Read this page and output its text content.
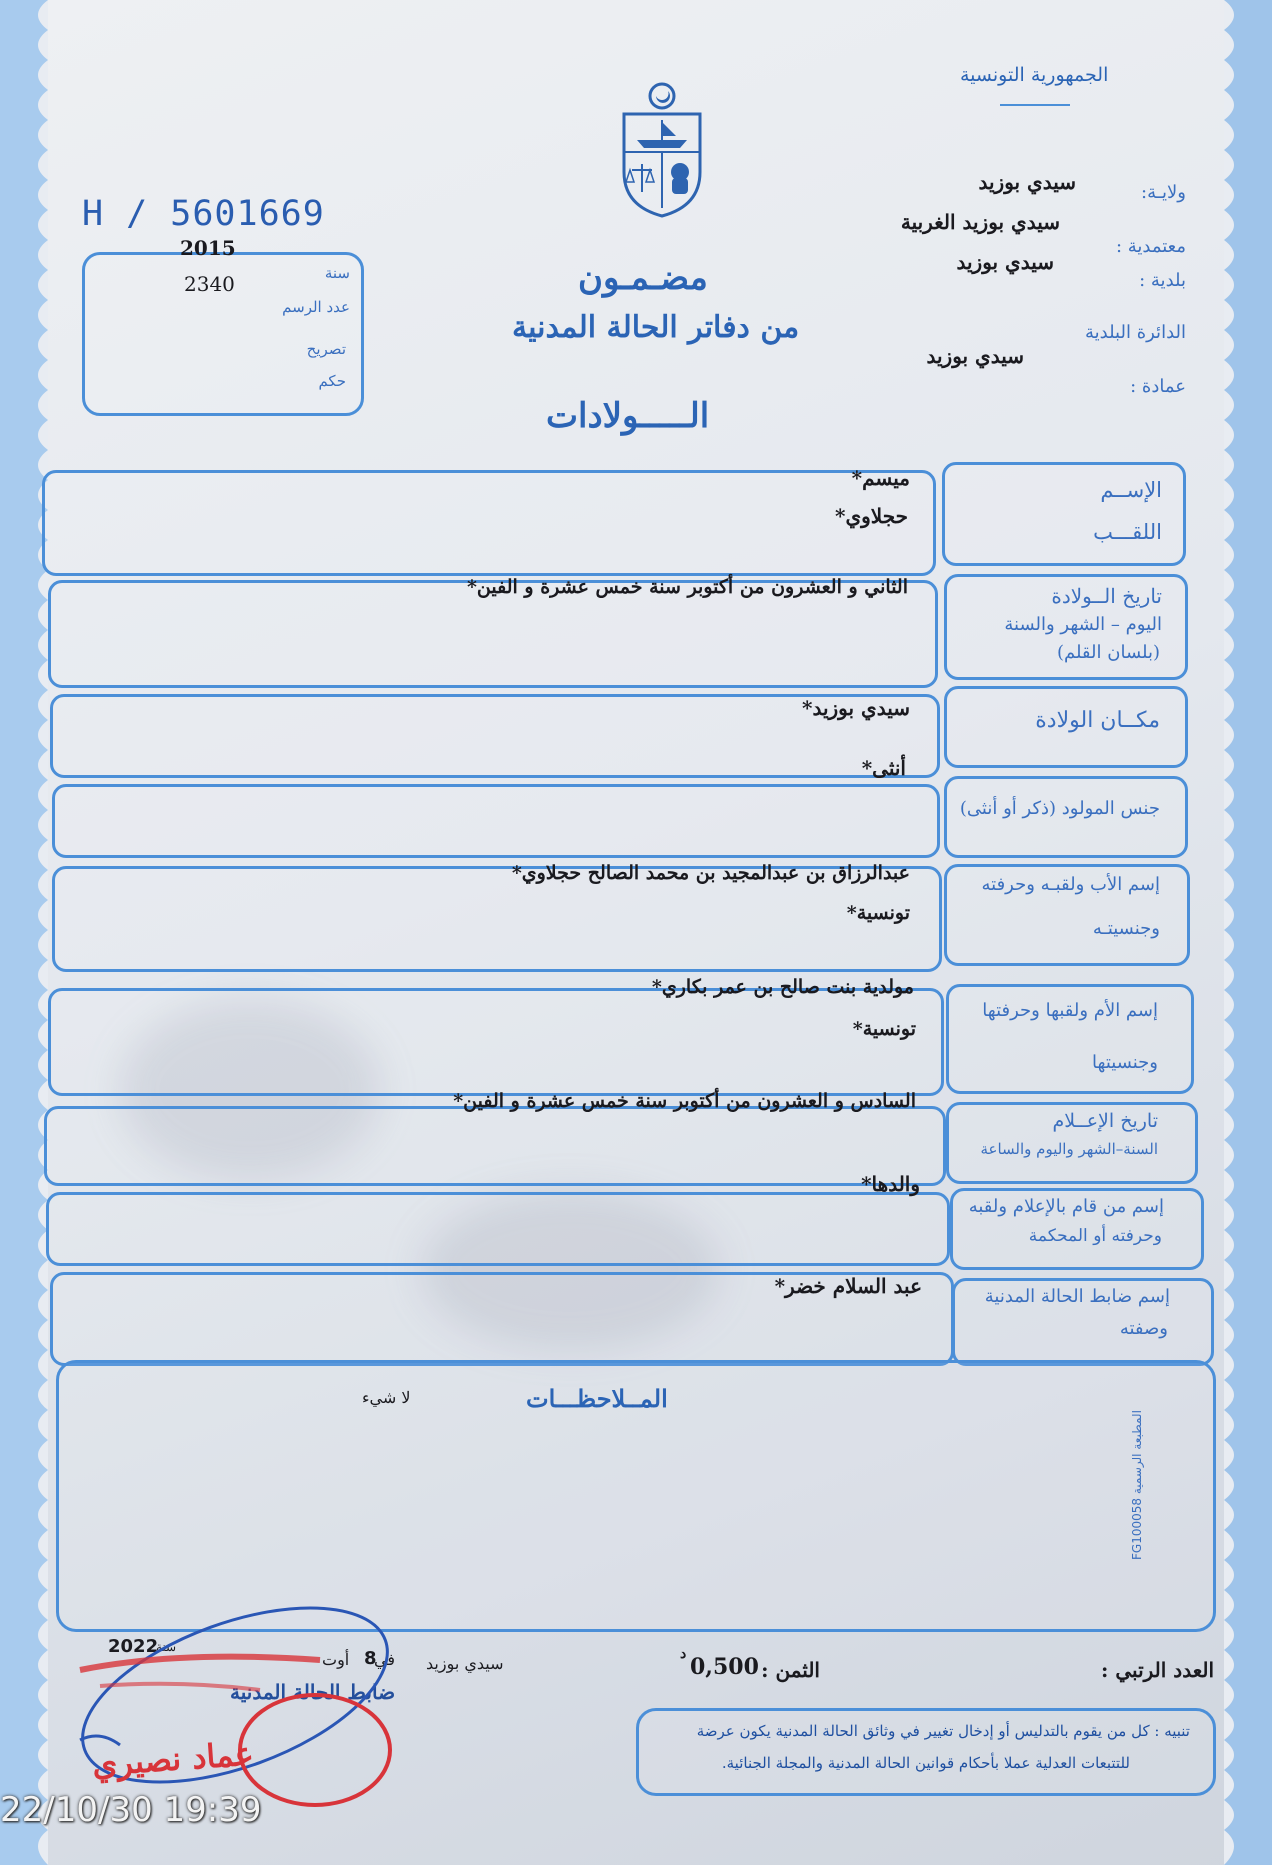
الجمهورية التونسية
H / 5601669
2015
سنة
2340
عدد الرسم
تصريح
حكم
مضـمـون
من دفاتر الحالة المدنية
الـــــولادات
ولايـة:
سيدي بوزيد
معتمدية :
سيدي بوزيد الغربية
بلدية :
سيدي بوزيد
الدائرة البلدية
عمادة :
سيدي بوزيد
الإســم
اللقـــب
تاريخ الــولادة
اليوم – الشهر والسنة
(بلسان القلم)
مكــان الولادة
جنس المولود (ذكر أو أنثى)
إسم الأب ولقبـه وحرفته
وجنسيتـه
إسم الأم ولقبها وحرفتها
وجنسيتها
تاريخ الإعــلام
السنة–الشهر واليوم والساعة
إسم من قام بالإعلام ولقبه
وحرفته أو المحكمة
إسم ضابط الحالة المدنية
وصفته
ميسم*
حجلاوي*
الثاني و العشرون من أكتوبر سنة خمس عشرة و الفين*
سيدي بوزيد*
أنثى*
عبدالرزاق بن عبدالمجيد بن محمد الصالح حجلاوي*
تونسية*
مولدية بنت صالح بن عمر بكاري*
تونسية*
السادس و العشرون من أكتوبر سنة خمس عشرة و الفين*
والدها*
عبد السلام خضر*
المــلاحظـــات
لا شيء
المطبعة الرسمية FG100058
العدد الرتبي :
الثمن :
0,500
د
سيدي بوزيد
في
8
أوت
سنة
2022
ضابط الحالة المدنية
عماد نصيري
تنبيه : كل من يقوم بالتدليس أو إدخال تغيير في وثائق الحالة المدنية يكون عرضة
للتتبعات العدلية عملا بأحكام قوانين الحالة المدنية والمجلة الجنائية.
22/10/30 19:39
